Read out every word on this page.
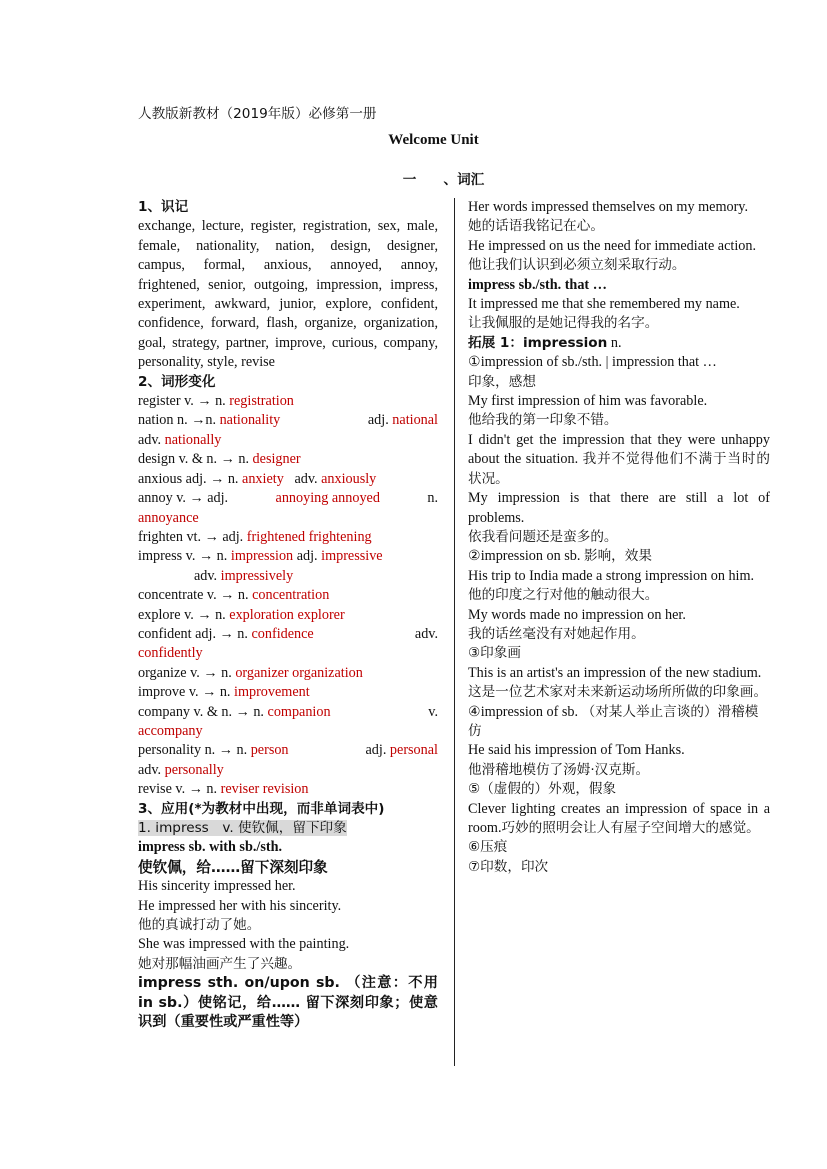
人教版新教材（2019年版）必修第一册
Welcome Unit
一　　、词汇

1、识记

exchange, lecture, register, registration, sex, male, female, nationality, nation, design, designer, campus, formal, anxious, annoyed, annoy, frightened, senior, outgoing, impression, impress, experiment, awkward, junior, explore, confident, confidence, forward, flash, organize, organization, goal, strategy, partner, improve, curious, company, personality, style, revise

2、词形变化

register v. → n. registration

nation n. →n. nationality	adj. national

adv. nationally

design v. & n. → n. designer

anxious adj. → n. anxiety adv. anxiously

annoy v. → adj.	annoying annoyed	n.

annoyance

frighten vt. → adj. frightened frightening

impress v. → n. impression adj. impressive

adv. impressively

concentrate v. → n. concentration

explore v. → n. exploration explorer

confident adj. → n. confidence	adv.

confidently

organize v. → n. organizer organization

improve v. → n. improvement

company v. & n. → n. companion	v.

accompany

personality n. → n. person	adj. personal

adv. personally

revise v. → n. reviser revision

3、应用(*为教材中出现，而非单词表中)

1. impress　v. 使钦佩，留下印象

impress sb. with sb./sth.

使钦佩，给……留下深刻印象

His sincerity impressed her.

He impressed her with his sincerity.

他的真诚打动了她。

She was impressed with the painting.

她对那幅油画产生了兴趣。

impress sth. on/upon sb. （注意：不用 in sb.）使铭记，给…… 留下深刻印象；使意识到（重要性或严重性等）

Her words impressed themselves on my memory.

她的话语我铭记在心。

He impressed on us the need for immediate action.

他让我们认识到必须立刻采取行动。

impress sb./sth. that …

It impressed me that she remembered my name.

让我佩服的是她记得我的名字。

拓展 1：impression n.

①impression of sb./sth. | impression that …

印象，感想

My first impression of him was favorable.

他给我的第一印象不错。

I didn't get the impression that they were unhappy about the situation. 我并不觉得他们不满于当时的状况。

My impression is that there are still a lot of problems.

依我看问题还是蛮多的。

②impression on sb. 影响，效果

His trip to India made a strong impression on him.

他的印度之行对他的触动很大。

My words made no impression on her.

我的话丝毫没有对她起作用。

③印象画

This is an artist's an impression of the new stadium.

这是一位艺术家对未来新运动场所所做的印象画。

④impression of sb. （对某人举止言谈的）滑稽模仿

He said his impression of Tom Hanks.

他滑稽地模仿了汤姆·汉克斯。

⑤（虚假的）外观，假象

Clever lighting creates an impression of space in a room.巧妙的照明会让人有屋子空间增大的感觉。

⑥压痕

⑦印数，印次
